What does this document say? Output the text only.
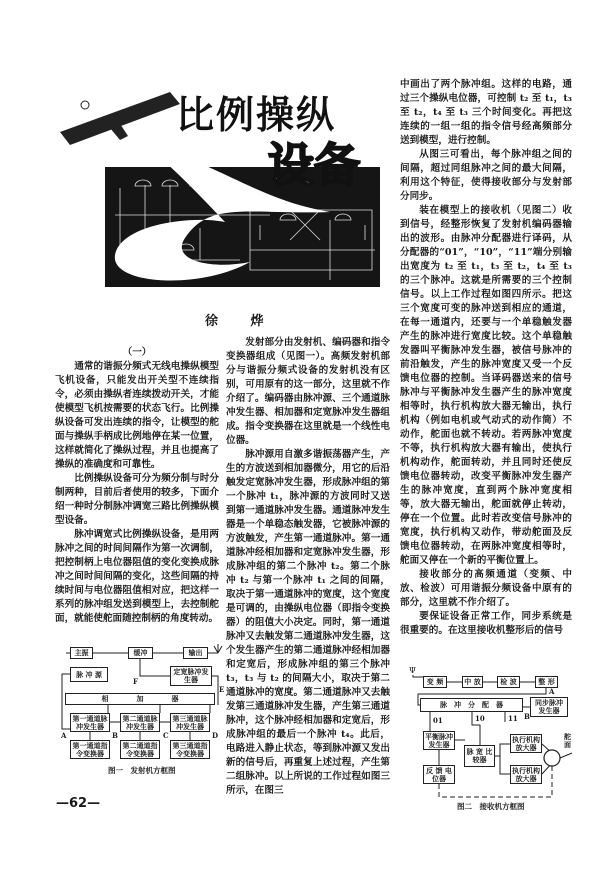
比例操纵
设备
徐 烨

（一）

通常的谐振分频式无线电操纵模型飞机设备，只能发出开关型不连续指令，必须由操纵者连续拨动开关，才能使模型飞机按需要的状态飞行。比例操纵设备可发出连续的指令，让模型的舵面与操纵手柄成比例地停在某一位置，这样就简化了操纵过程，并且也提高了操纵的准确度和可靠性。

比例操纵设备可分为频分制与时分制两种，目前后者使用的较多，下面介绍一种时分制脉冲调宽三路比例操纵模型设备。

脉冲调宽式比例操纵设备，是用两脉冲之间的时间间隔作为第一次调制，把控制柄上电位器阻值的变化变换成脉冲之间时间间隔的变化，这些间隔的持续时间与电位器阻值相对应，把这样一系列的脉冲组发送到模型上，去控制舵面，就能使舵面随控制柄的角度转动。

发射部分由发射机、编码器和指令变换器组成（见图一）。高频发射机部分与谐振分频式设备的发射机没有区别，可用原有的这一部分，这里就不作介绍了。编码器由脉冲源、三个通道脉冲发生器、相加器和定宽脉冲发生器组成。指令变换器在这里就是一个线性电位器。

脉冲源用自激多谐振荡器产生，产生的方波送到相加器微分，用它的后沿触发定宽脉冲发生器，形成脉冲组的第一个脉冲 t₁，脉冲源的方波同时又送到第一通道脉冲发生器。通道脉冲发生器是一个单稳态触发器，它被脉冲源的方波触发，产生第一通道脉冲。第一通道脉冲经相加器和定宽脉冲发生器，形成脉冲组的第二个脉冲 t₂。第二个脉冲 t₂ 与第一个脉冲 t₁ 之间的间隔，取决于第一通道脉冲的宽度，这个宽度是可调的，由操纵电位器（即指令变换器）的阻值大小决定。同时，第一通道脉冲又去触发第二通道脉冲发生器，这个发生器产生的第二通道脉冲经相加器和定宽后，形成脉冲组的第三个脉冲 t₃，t₃ 与 t₂ 的间隔大小，取决于第二通道脉冲的宽度。第二通道脉冲又去触发第三通道脉冲发生器，产生第三通道脉冲，这个脉冲经相加器和定宽后，形成脉冲组的最后一个脉冲 t₄。此后，电路进入静止状态，等到脉冲源又发出新的信号后，再重复上述过程，产生第二组脉冲。以上所说的工作过程如图三所示，在图三

中画出了两个脉冲组。这样的电路，通过三个操纵电位器，可控制 t₂ 至 t₁，t₃ 至 t₂，t₄ 至 t₃ 三个时间变化。再把这连续的一组一组的指令信号经高频部分送到模型，进行控制。

从图三可看出，每个脉冲组之间的间隔，超过同组脉冲之间的最大间隔，利用这个特征，使得接收部分与发射部分同步。

装在模型上的接收机（见图二）收到信号，经整形恢复了发射机编码器输出的波形。由脉冲分配器进行译码，从分配器的“01”，“10”，“11”端分别输出宽度为 t₂ 至 t₁，t₃ 至 t₂，t₄ 至 t₃ 的三个脉冲。这就是所需要的三个控制信号。以上工作过程如图四所示。把这三个宽度可变的脉冲送到相应的通道，在每一通道内，还要与一个单稳触发器产生的脉冲进行宽度比较。这个单稳触发器叫平衡脉冲发生器，被信号脉冲的前沿触发，产生的脉冲宽度又受一个反馈电位器的控制。当译码器送来的信号脉冲与平衡脉冲发生器产生的脉冲宽度相等时，执行机构放大器无输出，执行机构（例如电机或气动式的动作筒）不动作，舵面也就不转动。若两脉冲宽度不等，执行机构放大器有输出，使执行机构动作，舵面转动，并且同时还使反馈电位器转动，改变平衡脉冲发生器产生的脉冲宽度，直到两个脉冲宽度相等，放大器无输出，舵面就停止转动，停在一个位置。此时若改变信号脉冲的宽度，执行机构又动作，带动舵面及反馈电位器转动，在两脉冲宽度相等时，舵面又停在一个新的平衡位置上。

接收部分的高频通道（变频、中放、检波）可用谐振分频设备中原有的部分，这里就不作介绍了。

要保证设备正常工作，同步系统是很重要的。在这里接收机整形后的信号

主振	缓冲	输出
脉 冲 源	定宽脉冲发生器
相　　　　加　　　　器
第一通道脉冲发生器
第二通道脉冲发生器
第三通道脉冲发生器
第一通道指令变换器
第二通道指令变换器
第三通道指令变换器
A	B	C	D
E
F
图一　发射机方框图
Ψ
变 频	中 放	检 波	整 形
脉　冲　分　配　器	同步脉冲发生器
平衡脉冲发生器
脉 宽 比较器
执行机构放大器
执行机构放大器
反 馈 电位器
A
B
01	10	11
舵面
图二　接收机方框图
—62—
